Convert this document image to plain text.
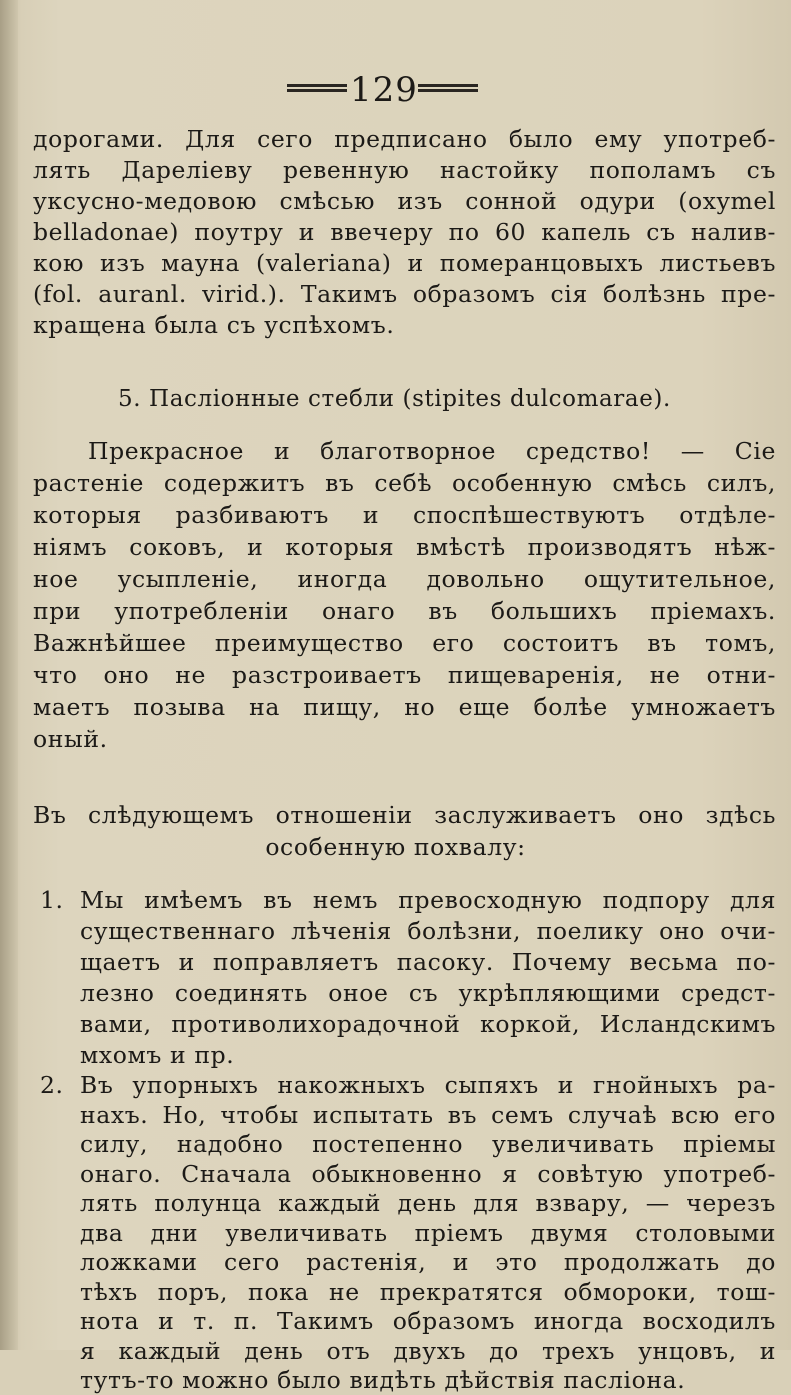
129
дорогами. Для сего предписано было ему употреб-
лять Дареліеву ревенную настойку пополамъ съ
уксусно-медовою смѣсью изъ сонной одури (oxymel
belladonae) поутру и ввечеру по 60 капель съ налив-
кою изъ мауна (valeriana) и померанцовыхъ листьевъ
(fol. auranl. virid.). Такимъ образомъ сія болѣзнь пре-
кращена была съ успѣхомъ.
5. Паслiонные стебли (stipites dulcomarae).
Прекрасное и благотворное средство! — Сіе
растеніе содержитъ въ себѣ особенную смѣсь силъ,
которыя разбиваютъ и споспѣшествуютъ отдѣле-
ніямъ соковъ, и которыя вмѣстѣ производятъ нѣж-
ное усыпленіе, иногда довольно ощутительное,
при употребленіи онаго въ большихъ пріемахъ.
Важнѣйшее преимущество его состоитъ въ томъ,
что оно не разстроиваетъ пищеваренія, не отни-
маетъ позыва на пищу, но еще болѣе умножаетъ
оный.
Въ слѣдующемъ отношеніи заслуживаетъ оно здѣсь
особенную похвалу:
1. Мы имѣемъ въ немъ превосходную подпору для
существеннаго лѣченія болѣзни, поелику оно очи-
щаетъ и поправляетъ пасоку. Почему весьма по-
лезно соединять оное съ укрѣпляющими средст-
вами, противолихорадочной коркой, Исландскимъ
мхомъ и пр.
2. Въ упорныхъ накожныхъ сыпяхъ и гнойныхъ ра-
нахъ. Но, чтобы испытать въ семъ случаѣ всю его
силу, надобно постепенно увеличивать пріемы
онаго. Сначала обыкновенно я совѣтую употреб-
лять полунца каждый день для взвару, — черезъ
два дни увеличивать пріемъ двумя столовыми
ложками сего растенія, и это продолжать до
тѣхъ поръ, пока не прекратятся обмороки, тош-
нота и т. п. Такимъ образомъ иногда восходилъ
я каждый день отъ двухъ до трехъ унцовъ, и
тутъ-то можно было видѣть дѣйствія пасліона.
